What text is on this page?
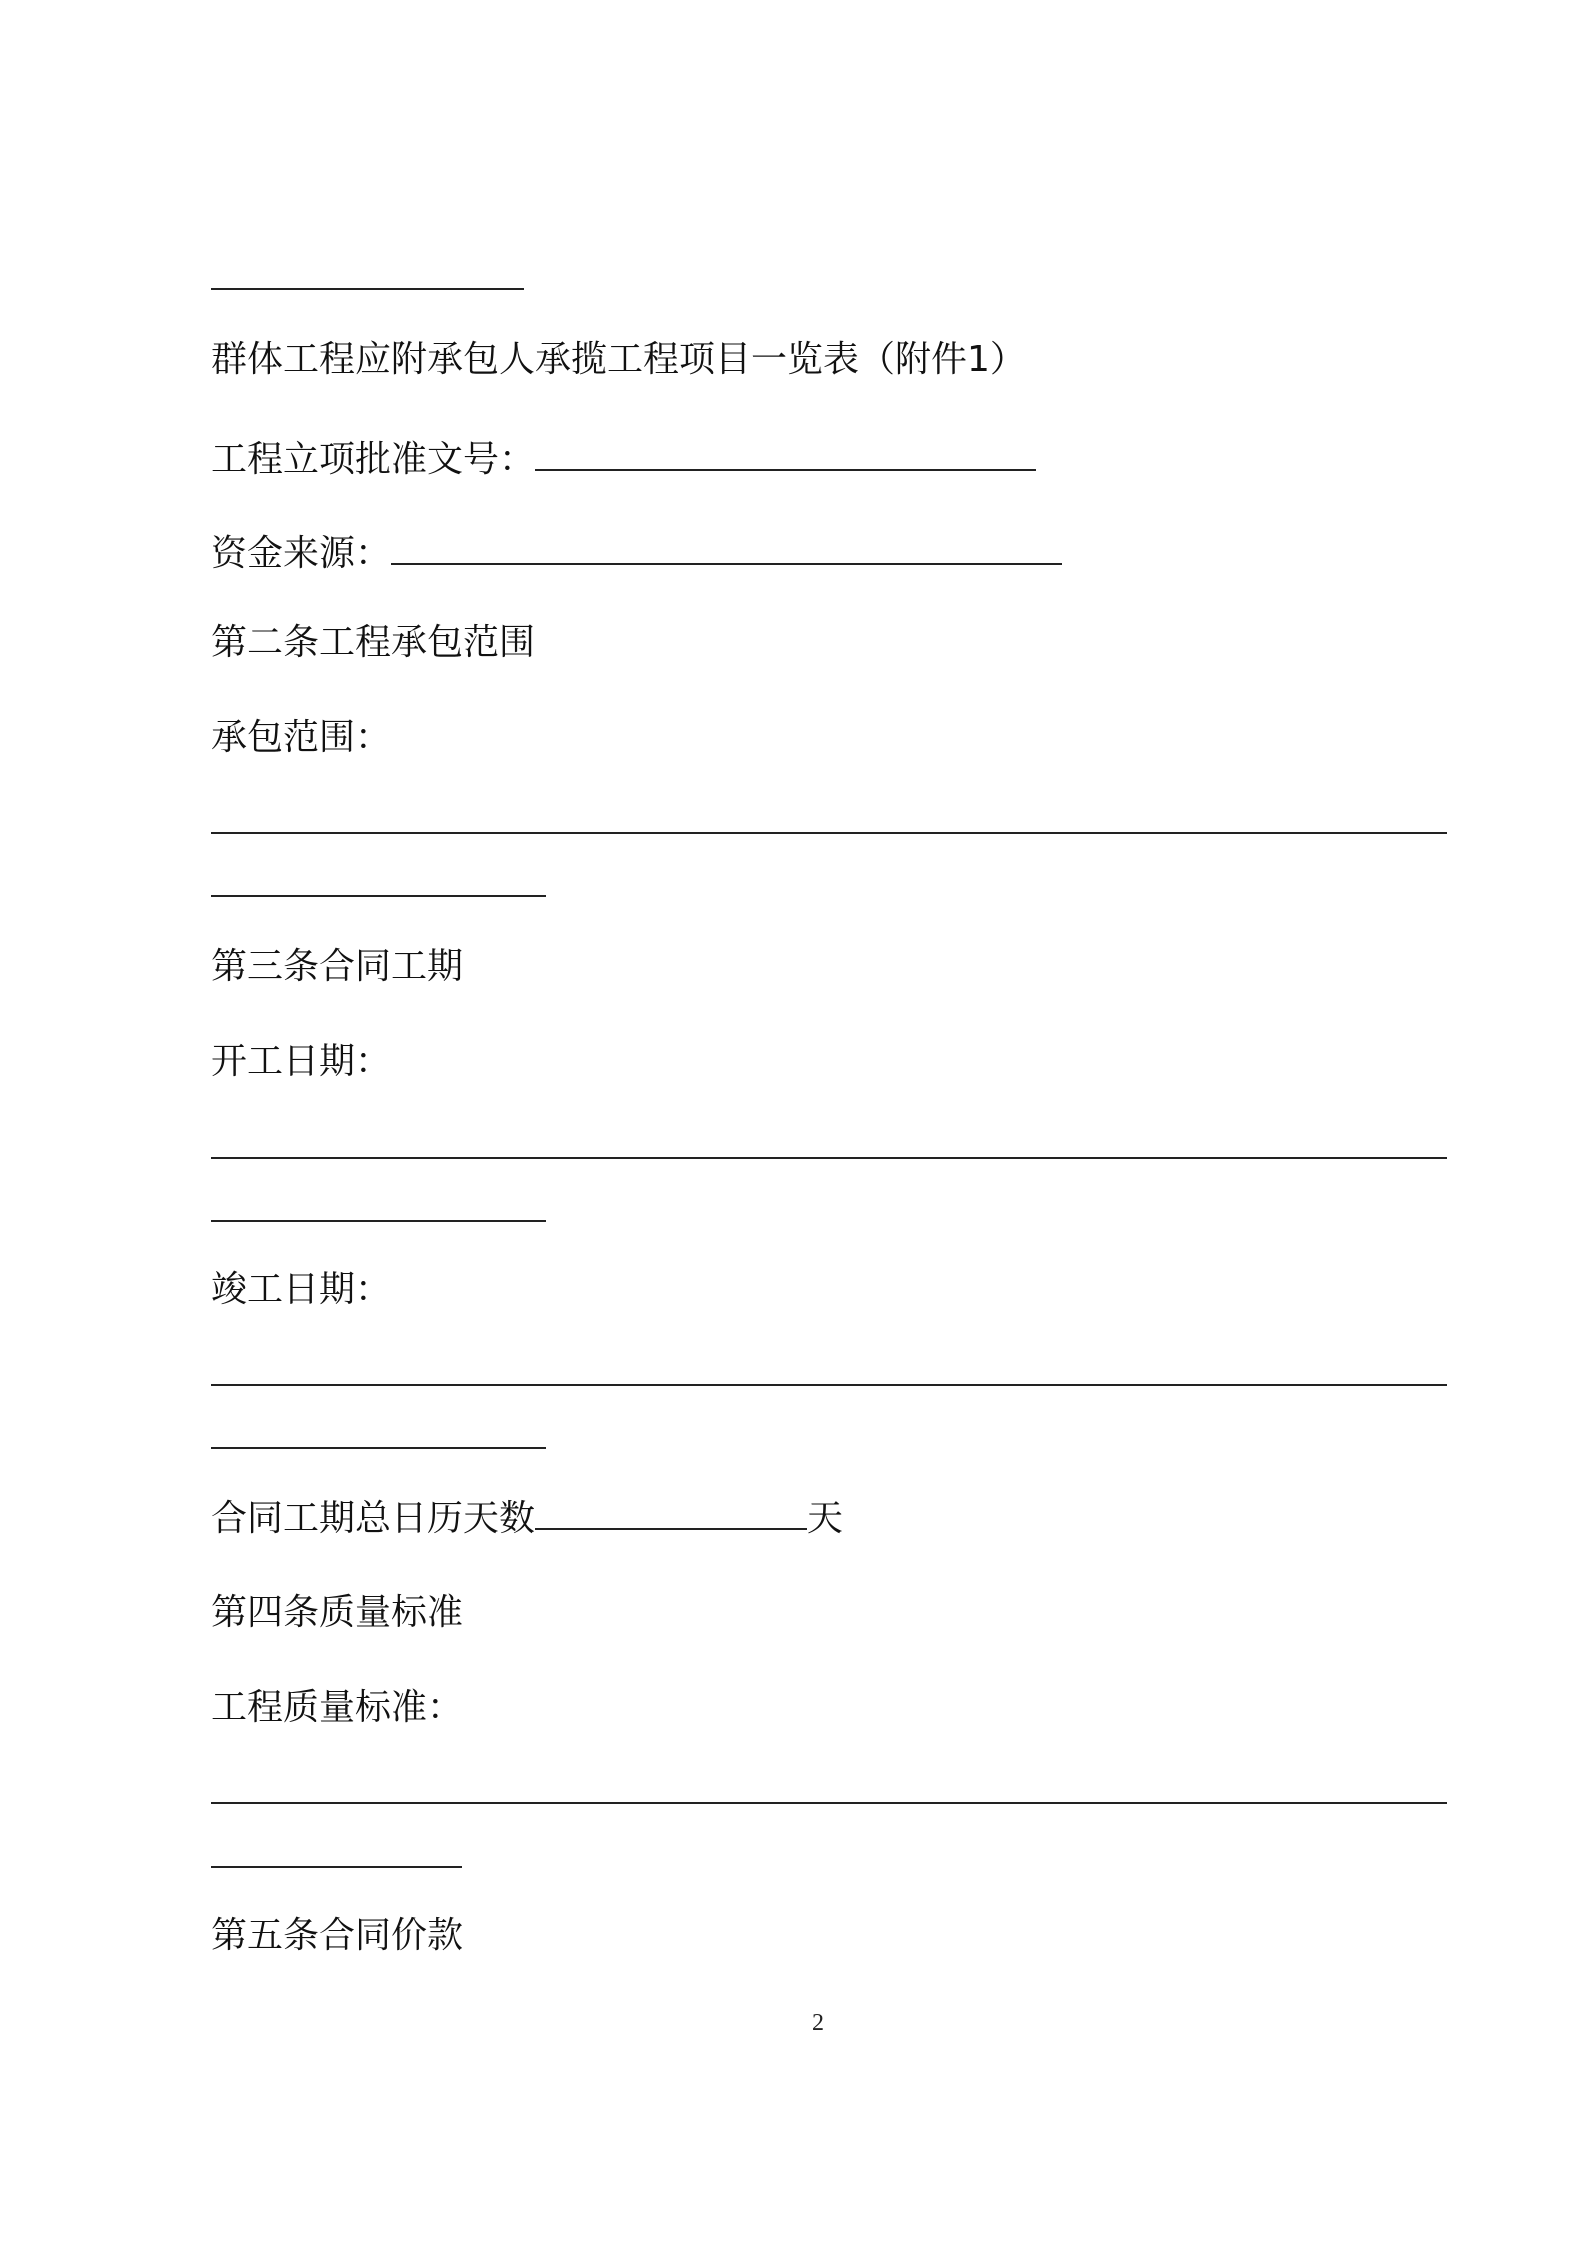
群体工程应附承包人承揽工程项目一览表（附件1）
工程立项批准文号：
资金来源：
第二条工程承包范围
承包范围：
第三条合同工期
开工日期：
竣工日期：
合同工期总日历天数	天
第四条质量标准
工程质量标准：
第五条合同价款
2
